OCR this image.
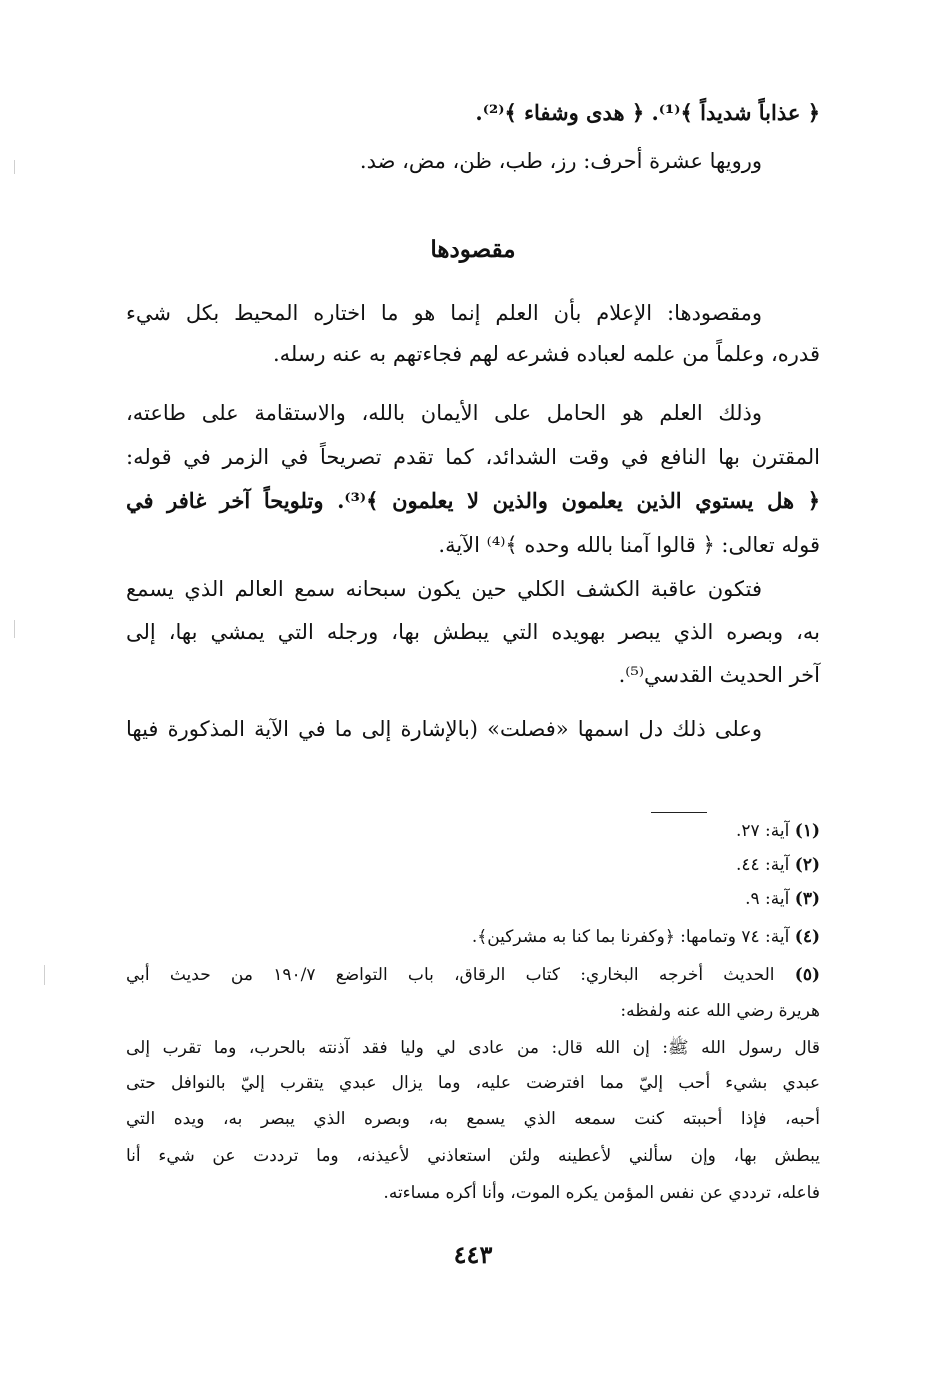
﴿ عذاباً شديداً ﴾⁽¹⁾. ﴿ هدى وشفاء ﴾⁽²⁾.
ورويها عشرة أحرف: رز، طب، ظن، مض، ضد.
مقصودها
ومقصودها: الإعلام بأن العلم إنما هو ما اختاره المحيط بكل شيء
قدره، وعلماً من علمه لعباده فشرعه لهم فجاءتهم به عنه رسله.
وذلك العلم هو الحامل على الأيمان بالله، والاستقامة على طاعته،
المقترن بها النافع في وقت الشدائد، كما تقدم تصريحاً في الزمر في قوله:
﴿ هل يستوي الذين يعلمون والذين لا يعلمون ﴾⁽³⁾. وتلويحاً آخر غافر في
قوله تعالى: ﴿ قالوا آمنا بالله وحده ﴾⁽⁴⁾ الآية.
فتكون عاقبة الكشف الكلي حين يكون سبحانه سمع العالم الذي يسمع
به، وبصره الذي يبصر بهويده التي يبطش بها، ورجله التي يمشي بها، إلى
آخر الحديث القدسي⁽⁵⁾.
وعلى ذلك دل اسمها «فصلت» (بالإشارة إلى ما في الآية المذكورة فيها
(١) آية: ٢٧.
(٢) آية: ٤٤.
(٣) آية: ٩.
(٤) آية: ٧٤ وتمامها: ﴿وكفرنا بما كنا به مشركين﴾.
(٥) الحديث أخرجه البخاري: كتاب الرقاق، باب التواضع ١٩٠/٧ من حديث أبي
هريرة رضي الله عنه ولفظه:
قال رسول الله ﷺ: إن الله قال: من عادى لي وليا فقد آذنته بالحرب، وما تقرب إلى
عبدي بشيء أحب إليّ مما افترضت عليه، وما يزال عبدي يتقرب إليّ بالنوافل حتى
أحبه، فإذا أحببته كنت سمعه الذي يسمع به، وبصره الذي يبصر به، ويده التي
يبطش بها، وإن سألني لأعطينه ولئن استعاذني لأعيذنه، وما ترددت عن شيء أنا
فاعله، ترددي عن نفس المؤمن يكره الموت، وأنا أكره مساءته.
٤٤٣
